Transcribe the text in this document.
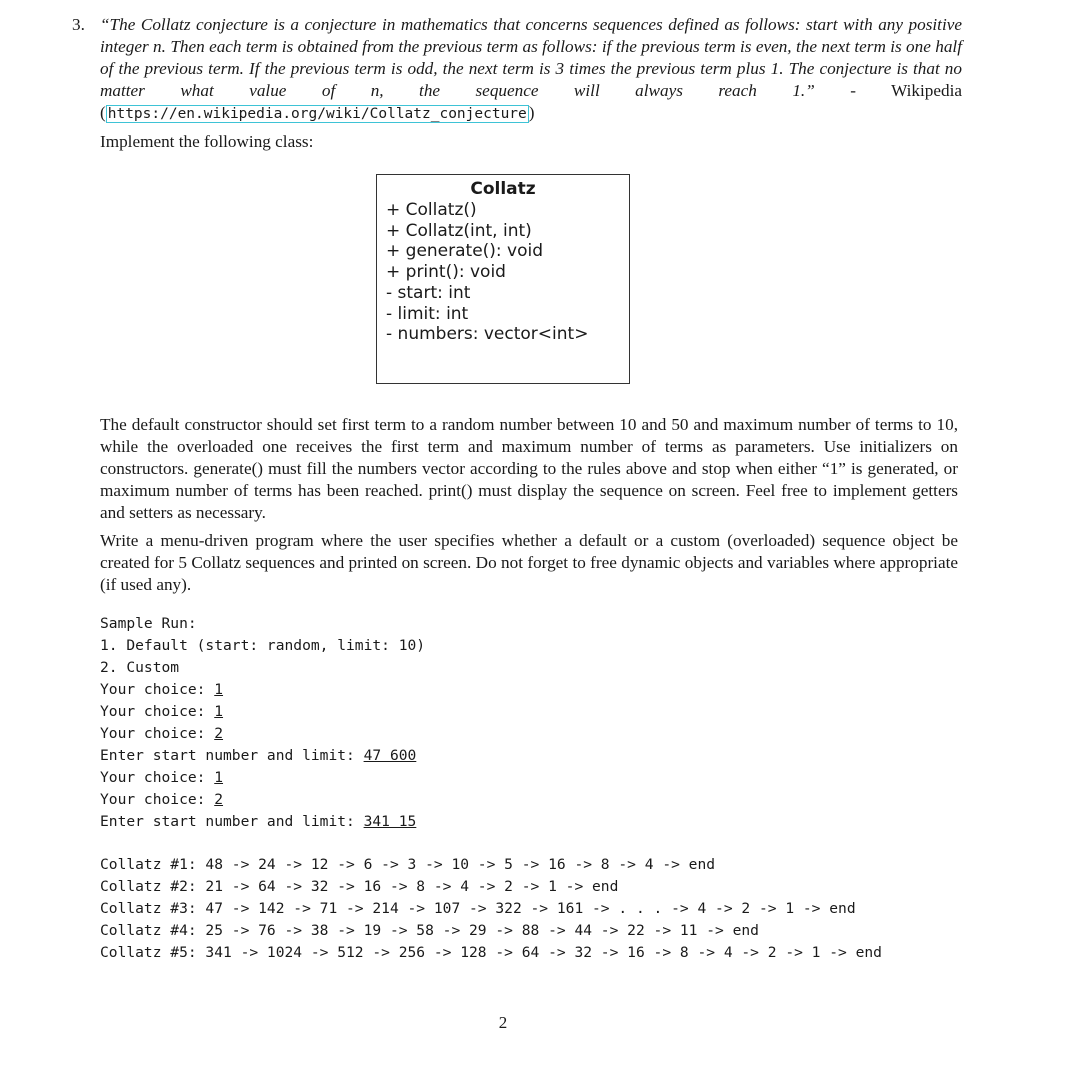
3. “The Collatz conjecture is a conjecture in mathematics that concerns sequences defined as follows: start with any positive integer n. Then each term is obtained from the previous term as follows: if the previous term is even, the next term is one half of the previous term. If the previous term is odd, the next term is 3 times the previous term plus 1. The conjecture is that no matter what value of n, the sequence will always reach 1.” - Wikipedia ( https://en.wikipedia.org/wiki/Collatz_conjecture )

Implement the following class:

Collatz
+ Collatz()
+ Collatz(int, int)
+ generate(): void
+ print(): void
- start: int
- limit: int
- numbers: vector<int>

The default constructor should set first term to a random number between 10 and 50 and maximum number of terms to 10, while the overloaded one receives the first term and maximum number of terms as parameters. Use initializers on constructors. generate() must fill the numbers vector according to the rules above and stop when either “1” is generated, or maximum number of terms has been reached. print() must display the sequence on screen. Feel free to implement getters and setters as necessary.

Write a menu-driven program where the user specifies whether a default or a custom (overloaded) sequence object be created for 5 Collatz sequences and printed on screen. Do not forget to free dynamic objects and variables where appropriate (if used any).

Sample Run:
1. Default (start: random, limit: 10)
2. Custom
Your choice: 1
Your choice: 1
Your choice: 2
Enter start number and limit: 47 600
Your choice: 1
Your choice: 2
Enter start number and limit: 341 15
Collatz #1: 48 -> 24 -> 12 -> 6 -> 3 -> 10 -> 5 -> 16 -> 8 -> 4 -> end
Collatz #2: 21 -> 64 -> 32 -> 16 -> 8 -> 4 -> 2 -> 1 -> end
Collatz #3: 47 -> 142 -> 71 -> 214 -> 107 -> 322 -> 161 -> . . . -> 4 -> 2 -> 1 -> end
Collatz #4: 25 -> 76 -> 38 -> 19 -> 58 -> 29 -> 88 -> 44 -> 22 -> 11 -> end
Collatz #5: 341 -> 1024 -> 512 -> 256 -> 128 -> 64 -> 32 -> 16 -> 8 -> 4 -> 2 -> 1 -> end
2
